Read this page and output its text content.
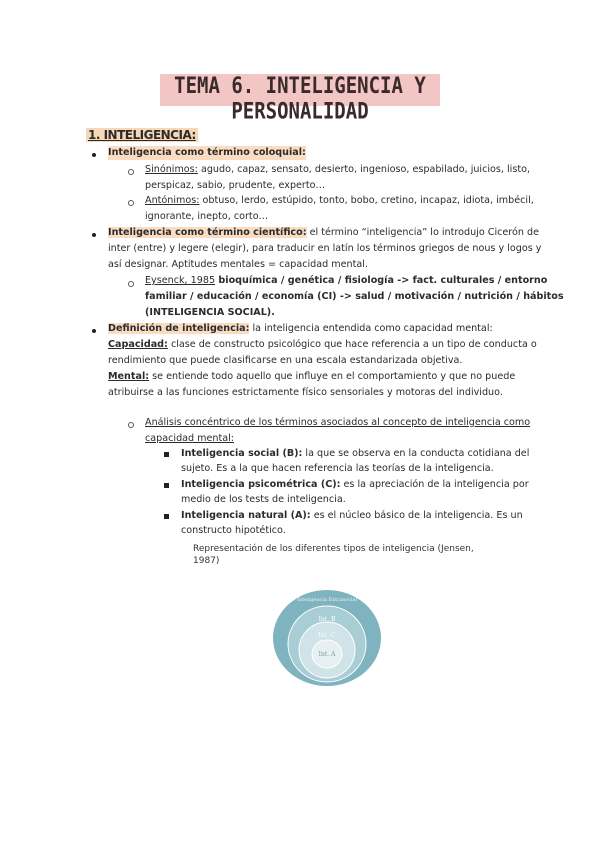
TEMA 6. INTELIGENCIA Y PERSONALIDAD
1. INTELIGENCIA:
Inteligencia como término coloquial:
Sinónimos: agudo, capaz, sensato, desierto, ingenioso, espabilado, juicios, listo,
perspicaz, sabio, prudente, experto…
Antónimos: obtuso, lerdo, estúpido, tonto, bobo, cretino, incapaz, idiota, imbécil,
ignorante, inepto, corto…
Inteligencia como término científico: el término “inteligencia” lo introdujo Cicerón de
inter (entre) y legere (elegir), para traducir en latín los términos griegos de nous y logos y
así designar. Aptitudes mentales = capacidad mental.
Eysenck, 1985 bioquímica / genética / fisiología -> fact. culturales / entorno
familiar / educación / economía (CI) -> salud / motivación / nutrición / hábitos
(INTELIGENCIA SOCIAL).
Definición de inteligencia: la inteligencia entendida como capacidad mental:
Capacidad: clase de constructo psicológico que hace referencia a un tipo de conducta o
rendimiento que puede clasificarse en una escala estandarizada objetiva.
Mental: se entiende todo aquello que influye en el comportamiento y que no puede
atribuirse a las funciones estrictamente físico sensoriales y motoras del individuo.
Análisis concéntrico de los términos asociados al concepto de inteligencia como
capacidad mental:
Inteligencia social (B): la que se observa en la conducta cotidiana del
sujeto. Es a la que hacen referencia las teorías de la inteligencia.
Inteligencia psicométrica (C): es la apreciación de la inteligencia por
medio de los tests de inteligencia.
Inteligencia natural (A): es el núcleo básico de la inteligencia. Es un
constructo hipotético.
Representación de los diferentes tipos de inteligencia (Jensen,
1987)
Inteligencia Extrasocial
Int. B
Int. C
Int. A
